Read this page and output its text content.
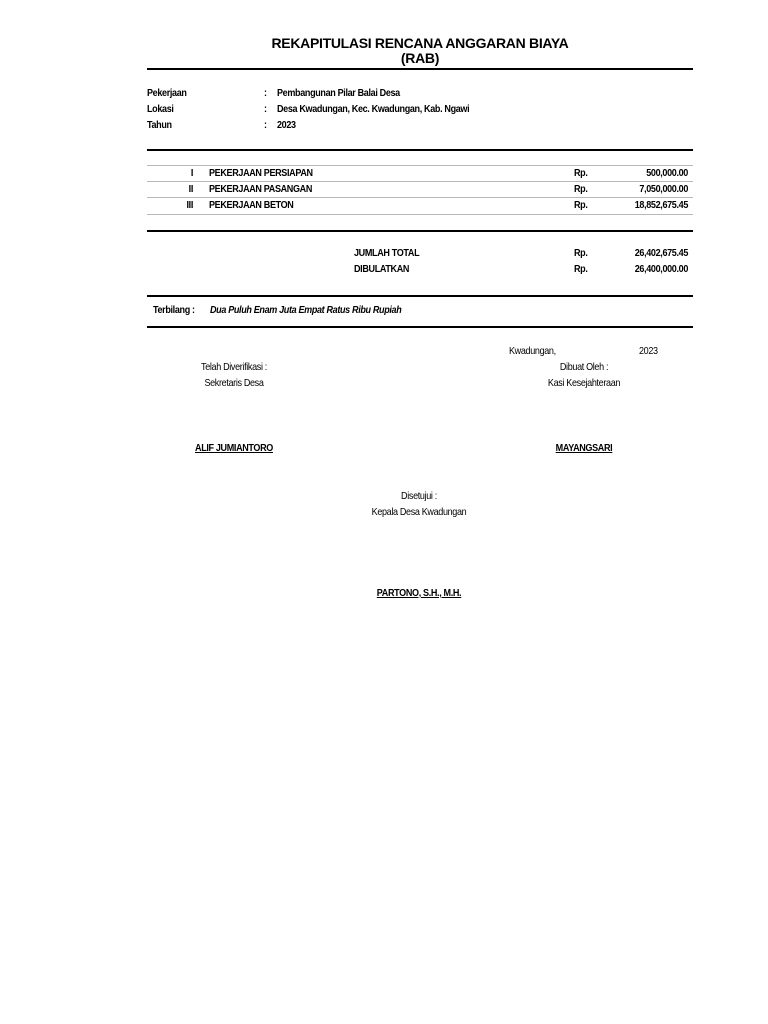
REKAPITULASI RENCANA ANGGARAN BIAYA
(RAB)
Pekerjaan	: Pembangunan Pilar Balai Desa
Lokasi	: Desa Kwadungan, Kec. Kwadungan, Kab. Ngawi
Tahun	: 2023
I PEKERJAAN PERSIAPAN	Rp.	500,000.00
II PEKERJAAN PASANGAN	Rp.	7,050,000.00
III PEKERJAAN BETON	Rp.	18,852,675.45
JUMLAH TOTAL	Rp.	26,402,675.45
DIBULATKAN	Rp.	26,400,000.00
Terbilang : Dua Puluh Enam Juta Empat Ratus Ribu Rupiah
Kwadungan,	2023
Telah Diverifikasi :
Sekretaris Desa
Dibuat Oleh :
Kasi Kesejahteraan
ALIF JUMIANTORO	MAYANGSARI
Disetujui :
Kepala Desa Kwadungan
PARTONO, S.H., M.H.
